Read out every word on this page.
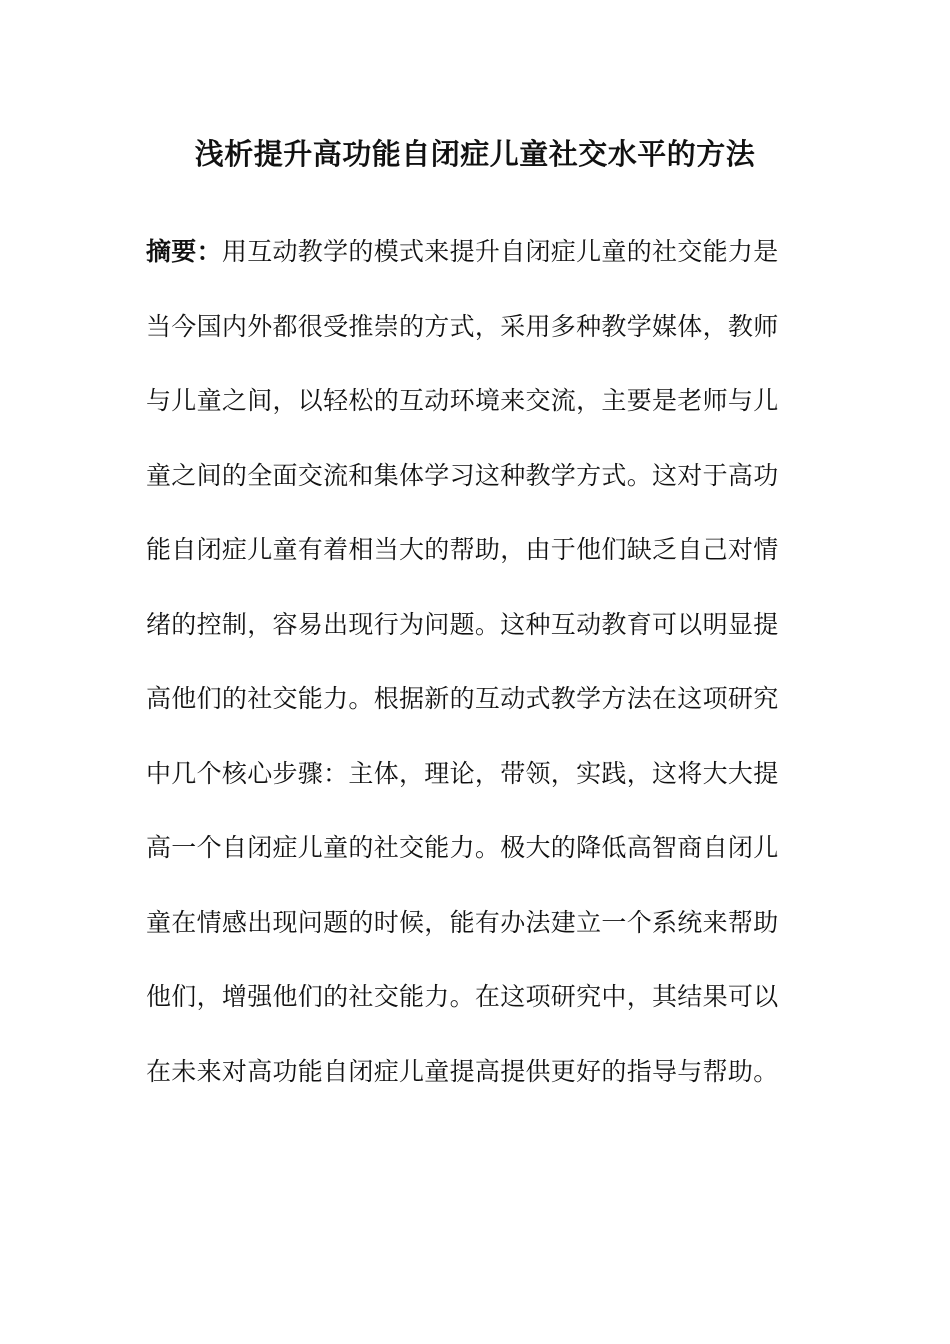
浅析提升高功能自闭症儿童社交水平的方法
摘要：用互动教学的模式来提升自闭症儿童的社交能力是
当今国内外都很受推崇的方式，采用多种教学媒体，教师
与儿童之间，以轻松的互动环境来交流，主要是老师与儿
童之间的全面交流和集体学习这种教学方式。这对于高功
能自闭症儿童有着相当大的帮助，由于他们缺乏自己对情
绪的控制，容易出现行为问题。这种互动教育可以明显提
高他们的社交能力。根据新的互动式教学方法在这项研究
中几个核心步骤：主体，理论，带领，实践，这将大大提
高一个自闭症儿童的社交能力。极大的降低高智商自闭儿
童在情感出现问题的时候，能有办法建立一个系统来帮助
他们，增强他们的社交能力。在这项研究中，其结果可以
在未来对高功能自闭症儿童提高提供更好的指导与帮助。
